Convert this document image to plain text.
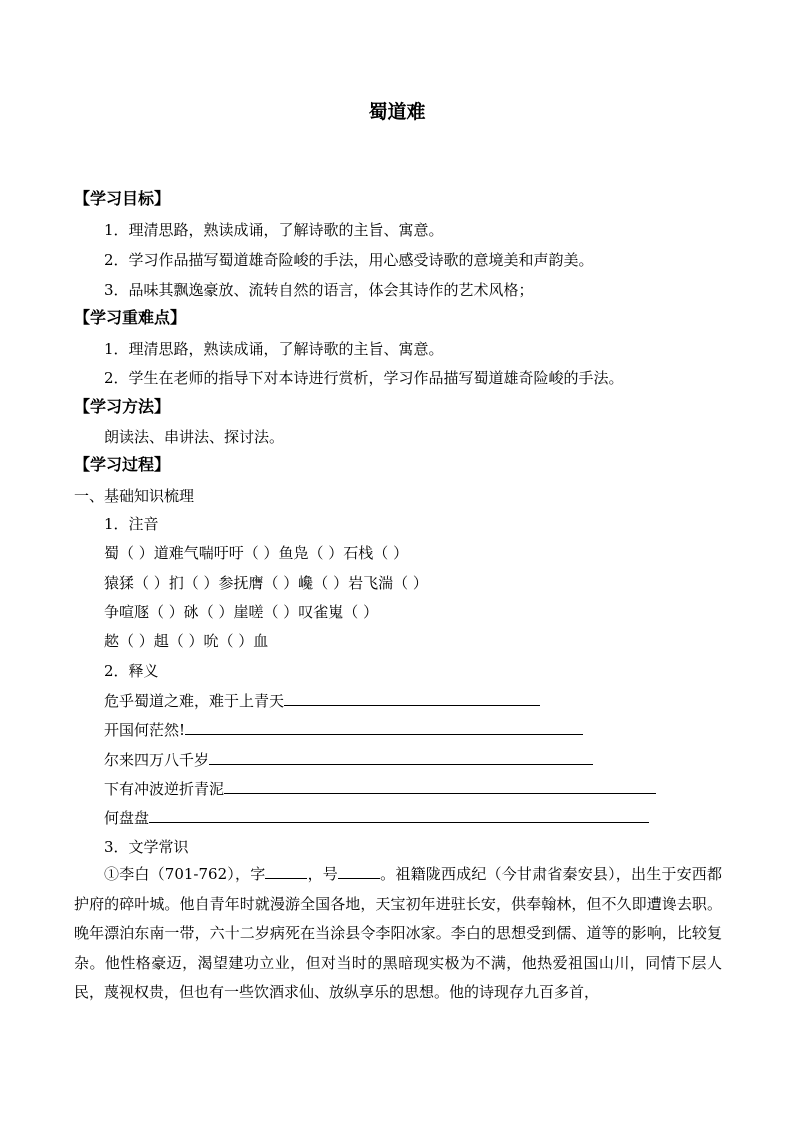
蜀道难
【学习目标】
1．理清思路，熟读成诵，了解诗歌的主旨、寓意。
2．学习作品描写蜀道雄奇险峻的手法，用心感受诗歌的意境美和声韵美。
3．品味其飘逸豪放、流转自然的语言，体会其诗作的艺术风格；
【学习重难点】
1．理清思路，熟读成诵，了解诗歌的主旨、寓意。
2．学生在老师的指导下对本诗进行赏析，学习作品描写蜀道雄奇险峻的手法。
【学习方法】
朗读法、串讲法、探讨法。
【学习过程】
一、基础知识梳理
1．注音
蜀（ ）道难气喘吁吁（ ）鱼凫（ ）石栈（ ）
猿猱（ ）扪（ ）参抚膺（ ）巉（ ）岩飞湍（ ）
争喧豗（ ）砯（ ）崖嗟（ ）叹雀嵬（ ）
趑（ ）趄（ ）吮（ ）血
2．释义
危乎蜀道之难，难于上青天
开国何茫然!
尔来四万八千岁
下有冲波逆折青泥
何盘盘
3．文学常识

①李白（701-762），字	，号	。祖籍陇西成纪（今甘肃省秦安县），出生于安西都护府的碎叶城。他自青年时就漫游全国各地，天宝初年进驻长安，供奉翰林，但不久即遭谗去职。晚年漂泊东南一带，六十二岁病死在当涂县令李阳冰家。李白的思想受到儒、道等的影响，比较复杂。他性格豪迈，渴望建功立业，但对当时的黑暗现实极为不满，他热爱祖国山川，同情下层人民，蔑视权贵，但也有一些饮酒求仙、放纵享乐的思想。他的诗现存九百多首，
